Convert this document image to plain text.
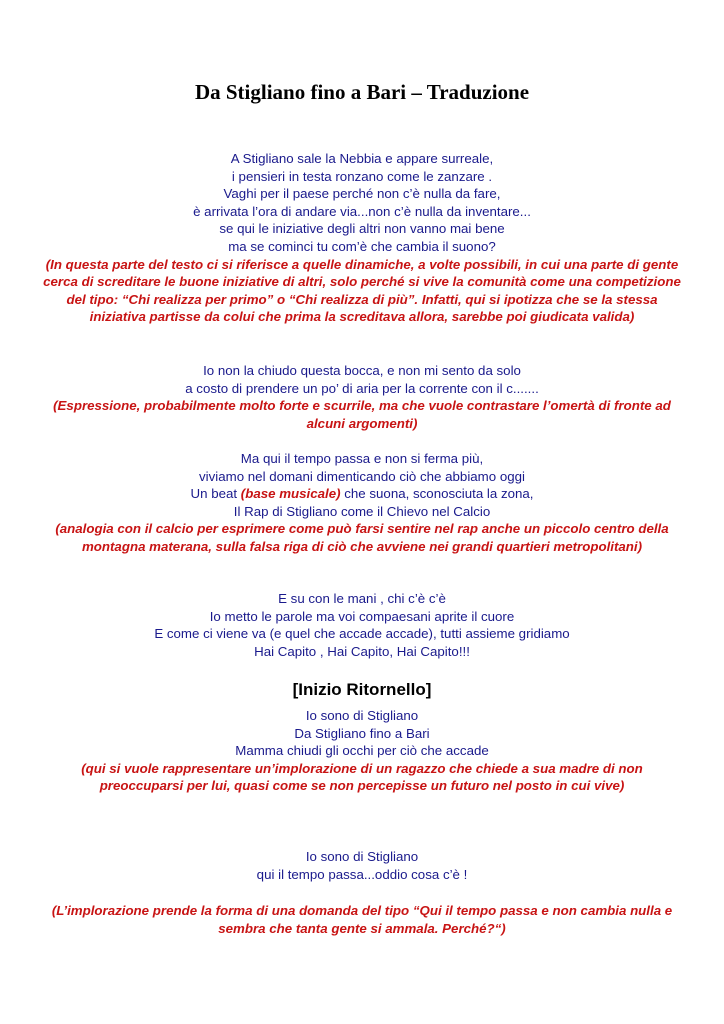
Da Stigliano fino a Bari – Traduzione
A Stigliano sale la Nebbia e appare surreale,
i pensieri in testa ronzano come le zanzare .
Vaghi per il paese perché non c’è nulla da fare,
è arrivata l’ora di andare via...non c’è nulla da inventare...
se qui le iniziative degli altri non vanno mai bene
ma se cominci tu com’è che cambia il suono?
(In questa parte del testo ci si riferisce a quelle dinamiche, a volte possibili, in cui una parte di gente cerca di screditare le buone iniziative di altri, solo perché si vive la comunità come una competizione del tipo: “Chi realizza per primo” o “Chi realizza di più”. Infatti, qui si ipotizza che se la stessa iniziativa partisse da colui che prima la screditava allora, sarebbe poi giudicata valida)
Io non la chiudo questa bocca, e non mi sento da solo
a costo di prendere un po’ di aria per la corrente con il c.......
(Espressione, probabilmente molto forte e scurrile, ma che vuole contrastare l’omertà di fronte ad alcuni argomenti)
Ma qui il tempo passa e non si ferma più,
viviamo nel domani dimenticando ciò che abbiamo oggi
Un beat (base musicale) che suona, sconosciuta la zona,
Il Rap di Stigliano come il Chievo nel Calcio
(analogia con il calcio per esprimere come può farsi sentire nel rap anche un piccolo centro della montagna materana, sulla falsa riga di ciò che avviene nei grandi quartieri metropolitani)
E su con le mani , chi c’è c’è
Io metto le parole ma voi compaesani aprite il cuore
E come ci viene va (e quel che accade accade), tutti assieme gridiamo
Hai Capito , Hai Capito, Hai Capito!!!
[Inizio Ritornello]
Io sono di Stigliano
Da Stigliano fino a Bari
Mamma chiudi gli occhi per ciò che accade
(qui si vuole rappresentare un’implorazione di un ragazzo che chiede a sua madre di non preoccuparsi per lui, quasi come se non percepisse un futuro nel posto in cui vive)
Io sono di Stigliano
qui il tempo passa...oddio cosa c’è !
(L’implorazione prende la forma di una domanda del tipo “Qui il tempo passa e non cambia nulla e sembra che tanta gente si ammala. Perché?“)
